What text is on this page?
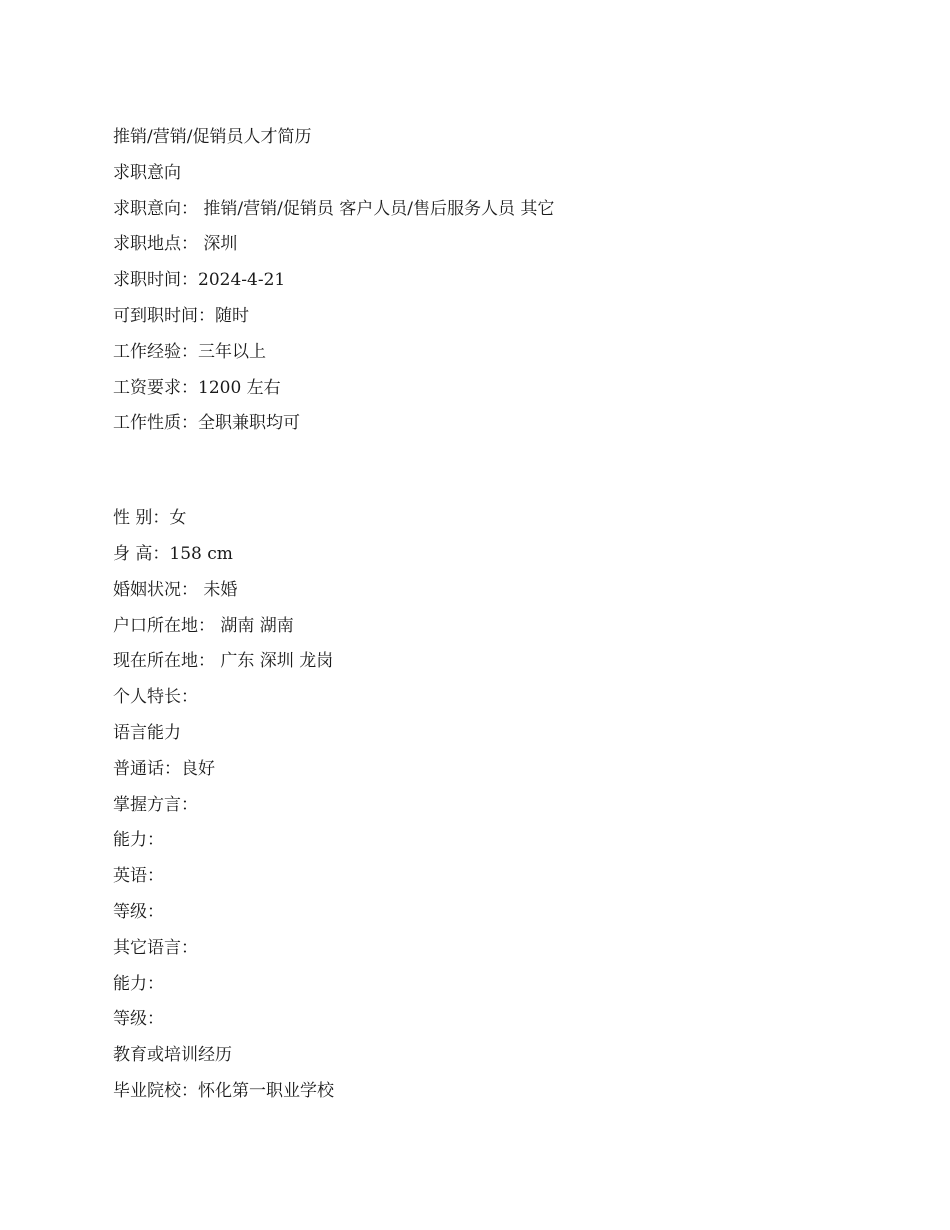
推销/营销/促销员人才简历
求职意向
求职意向： 推销/营销/促销员 客户人员/售后服务人员 其它
求职地点： 深圳
求职时间：2024-4-21
可到职时间：随时
工作经验：三年以上
工资要求：1200 左右
工作性质：全职兼职均可
性 别：女
身 高：158 cm
婚姻状况： 未婚
户口所在地： 湖南 湖南
现在所在地： 广东 深圳 龙岗
个人特长：
语言能力
普通话：良好
掌握方言：
能力：
英语：
等级：
其它语言：
能力：
等级：
教育或培训经历
毕业院校：怀化第一职业学校
